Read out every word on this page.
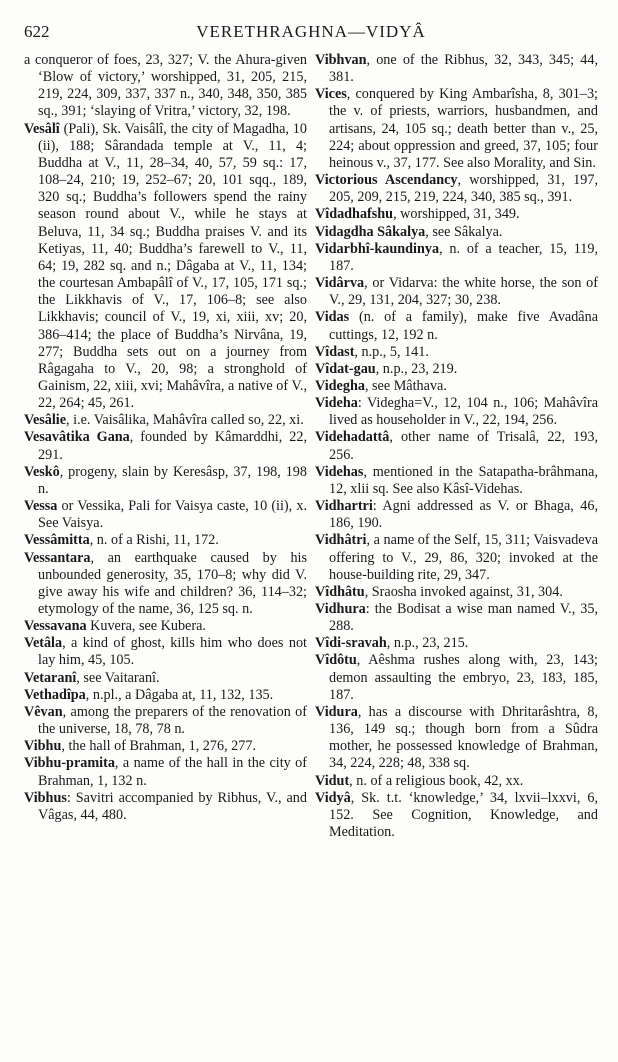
622	VERETHRAGHNA—VIDYÂ

a conqueror of foes, 23, 327; V. the Ahura-given ‘Blow of victory,’ worshipped, 31, 205, 215, 219, 224, 309, 337, 337 n., 340, 348, 350, 385 sq., 391; ‘slaying of Vritra,’ victory, 32, 198.

Vesâlî (Pali), Sk. Vaisâlî, the city of Magadha, 10 (ii), 188; Sârandada temple at V., 11, 4; Buddha at V., 11, 28–34, 40, 57, 59 sq.: 17, 108–24, 210; 19, 252–67; 20, 101 sqq., 189, 320 sq.; Buddha’s followers spend the rainy season round about V., while he stays at Beluva, 11, 34 sq.; Buddha praises V. and its Ketiyas, 11, 40; Buddha’s farewell to V., 11, 64; 19, 282 sq. and n.; Dâgaba at V., 11, 134; the courtesan Ambapâlî of V., 17, 105, 171 sq.; the Likkhavis of V., 17, 106–8; see also Likkhavis; council of V., 19, xi, xiii, xv; 20, 386–414; the place of Buddha’s Nirvâna, 19, 277; Buddha sets out on a journey from Râgagaha to V., 20, 98; a stronghold of Gainism, 22, xiii, xvi; Mahâvîra, a native of V., 22, 264; 45, 261.

Vesâlie, i.e. Vaisâlika, Mahâvîra called so, 22, xi.

Vesavâtika Gana, founded by Kâmarddhi, 22, 291.

Veskô, progeny, slain by Keresâsp, 37, 198, 198 n.

Vessa or Vessika, Pali for Vaisya caste, 10 (ii), x. See Vaisya.

Vessâmitta, n. of a Rishi, 11, 172.

Vessantara, an earthquake caused by his unbounded generosity, 35, 170–8; why did V. give away his wife and children? 36, 114–32; etymology of the name, 36, 125 sq. n.

Vessavana Kuvera, see Kubera.

Vetâla, a kind of ghost, kills him who does not lay him, 45, 105.

Vetaranî, see Vaitaranî.

Vethadîpa, n.pl., a Dâgaba at, 11, 132, 135.

Vêvan, among the preparers of the renovation of the universe, 18, 78, 78 n.

Vibhu, the hall of Brahman, 1, 276, 277.

Vibhu-pramita, a name of the hall in the city of Brahman, 1, 132 n.

Vibhus: Savitri accompanied by Ribhus, V., and Vâgas, 44, 480.

Vibhvan, one of the Ribhus, 32, 343, 345; 44, 381.

Vices, conquered by King Ambarîsha, 8, 301–3; the v. of priests, warriors, husbandmen, and artisans, 24, 105 sq.; death better than v., 25, 224; about oppression and greed, 37, 105; four heinous v., 37, 177. See also Morality, and Sin.

Victorious Ascendancy, worshipped, 31, 197, 205, 209, 215, 219, 224, 340, 385 sq., 391.

Vîdadhafshu, worshipped, 31, 349.

Vidagdha Sâkalya, see Sâkalya.

Vidarbhî-kaundinya, n. of a teacher, 15, 119, 187.

Vidârva, or Vidarva: the white horse, the son of V., 29, 131, 204, 327; 30, 238.

Vidas (n. of a family), make five Avadâna cuttings, 12, 192 n.

Vîdast, n.p., 5, 141.

Vîdat-gau, n.p., 23, 219.

Videgha, see Mâthava.

Videha: Videgha=V., 12, 104 n., 106; Mahâvîra lived as householder in V., 22, 194, 256.

Videhadattâ, other name of Trisalâ, 22, 193, 256.

Videhas, mentioned in the Satapatha-brâhmana, 12, xlii sq. See also Kâsî-Videhas.

Vidhartri: Agni addressed as V. or Bhaga, 46, 186, 190.

Vidhâtri, a name of the Self, 15, 311; Vaisvadeva offering to V., 29, 86, 320; invoked at the house-building rite, 29, 347.

Vîdhâtu, Sraosha invoked against, 31, 304.

Vidhura: the Bodisat a wise man named V., 35, 288.

Vîdi-sravah, n.p., 23, 215.

Vîdôtu, Aêshma rushes along with, 23, 143; demon assaulting the embryo, 23, 183, 185, 187.

Vidura, has a discourse with Dhritarâshtra, 8, 136, 149 sq.; though born from a Sûdra mother, he possessed knowledge of Brahman, 34, 224, 228; 48, 338 sq.

Vidut, n. of a religious book, 42, xx.

Vidyâ, Sk. t.t. ‘knowledge,’ 34, lxvii–lxxvi, 6, 152. See Cognition, Knowledge, and Meditation.
